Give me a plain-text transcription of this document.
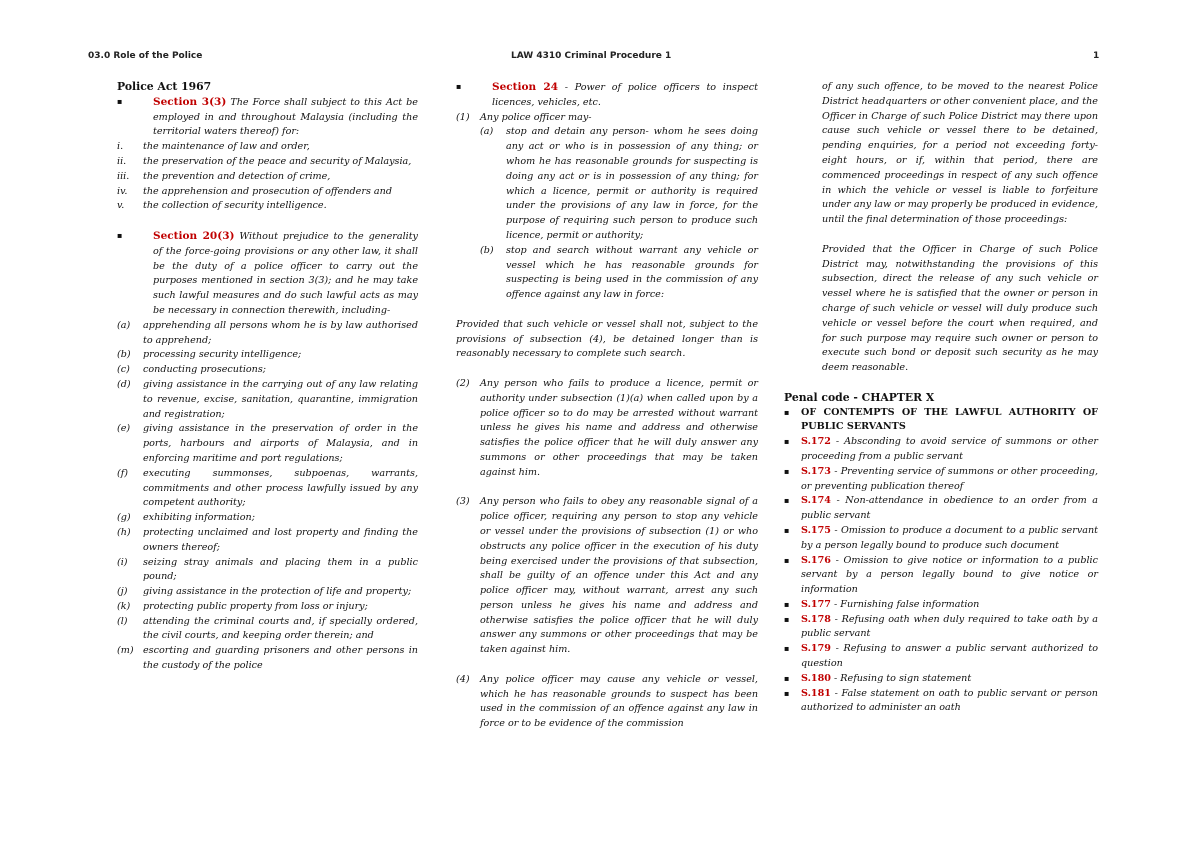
03.0 Role of the Police	LAW 4310 Criminal Procedure 1	1

Police Act 1967

▪	Section 3(3) The Force shall subject to this Act be employed in and throughout Malaysia (including the territorial waters thereof) for:
i.	the maintenance of law and order,
ii.	the preservation of the peace and security of Malaysia,
iii.	the prevention and detection of crime,
iv.	the apprehension and prosecution of offenders and
v.	the collection of security intelligence.
▪	Section 20(3) Without prejudice to the generality of the force-going provisions or any other law, it shall be the duty of a police officer to carry out the purposes mentioned in section 3(3); and he may take such lawful measures and do such lawful acts as may be necessary in connection therewith, including-
(a)	apprehending all persons whom he is by law authorised to apprehend;
(b)	processing security intelligence;
(c)	conducting prosecutions;
(d)	giving assistance in the carrying out of any law relating to revenue, excise, sanitation, quarantine, immigration and registration;
(e)	giving assistance in the preservation of order in the ports, harbours and airports of Malaysia, and in enforcing maritime and port regulations;
(f)	executing summonses, subpoenas, warrants, commitments and other process lawfully issued by any competent authority;
(g)	exhibiting information;
(h)	protecting unclaimed and lost property and finding the owners thereof;
(i)	seizing stray animals and placing them in a public pound;
(j)	giving assistance in the protection of life and property;
(k)	protecting public property from loss or injury;
(l)	attending the criminal courts and, if specially ordered, the civil courts, and keeping order therein; and
(m) escorting and guarding prisoners and other persons in the custody of the police
▪	Section 24 - Power of police officers to inspect licences, vehicles, etc.
(1)	Any police officer may-
(a)	stop and detain any person- whom he sees doing any act or who is in possession of any thing; or whom he has reasonable grounds for suspecting is doing any act or is in possession of any thing; for which a licence, permit or authority is required under the provisions of any law in force, for the purpose of requiring such person to produce such licence, permit or authority;
(b)	stop and search without warrant any vehicle or vessel which he has reasonable grounds for suspecting is being used in the commission of any offence against any law in force:

Provided that such vehicle or vessel shall not, subject to the provisions of subsection (4), be detained longer than is reasonably necessary to complete such search.

(2)	Any person who fails to produce a licence, permit or authority under subsection (1)(a) when called upon by a police officer so to do may be arrested without warrant unless he gives his name and address and otherwise satisfies the police officer that he will duly answer any summons or other proceedings that may be taken against him.
(3)	Any person who fails to obey any reasonable signal of a police officer, requiring any person to stop any vehicle or vessel under the provisions of subsection (1) or who obstructs any police officer in the execution of his duty being exercised under the provisions of that subsection, shall be guilty of an offence under this Act and any police officer may, without warrant, arrest any such person unless he gives his name and address and otherwise satisfies the police officer that he will duly answer any summons or other proceedings that may be taken against him.
(4)	Any police officer may cause any vehicle or vessel, which he has reasonable grounds to suspect has been used in the commission of an offence against any law in force or to be evidence of the commission

of any such offence, to be moved to the nearest Police District headquarters or other convenient place, and the Officer in Charge of such Police District may there upon cause such vehicle or vessel there to be detained, pending enquiries, for a period not exceeding forty-eight hours, or if, within that period, there are commenced proceedings in respect of any such offence in which the vehicle or vessel is liable to forfeiture under any law or may properly be produced in evidence, until the final determination of those proceedings:

Provided that the Officer in Charge of such Police District may, notwithstanding the provisions of this subsection, direct the release of any such vehicle or vessel where he is satisfied that the owner or person in charge of such vehicle or vessel will duly produce such vehicle or vessel before the court when required, and for such purpose may require such owner or person to execute such bond or deposit such security as he may deem reasonable.

Penal code - CHAPTER X

▪	OF CONTEMPTS OF THE LAWFUL AUTHORITY OF PUBLIC SERVANTS
▪	S.172 - Absconding to avoid service of summons or other proceeding from a public servant
▪	S.173 - Preventing service of summons or other proceeding, or preventing publication thereof
▪	S.174 - Non-attendance in obedience to an order from a public servant
▪	S.175 - Omission to produce a document to a public servant by a person legally bound to produce such document
▪	S.176 - Omission to give notice or information to a public servant by a person legally bound to give notice or information
▪	S.177 - Furnishing false information
▪	S.178 - Refusing oath when duly required to take oath by a public servant
▪	S.179 - Refusing to answer a public servant authorized to question
▪	S.180 - Refusing to sign statement
▪	S.181 - False statement on oath to public servant or person authorized to administer an oath
